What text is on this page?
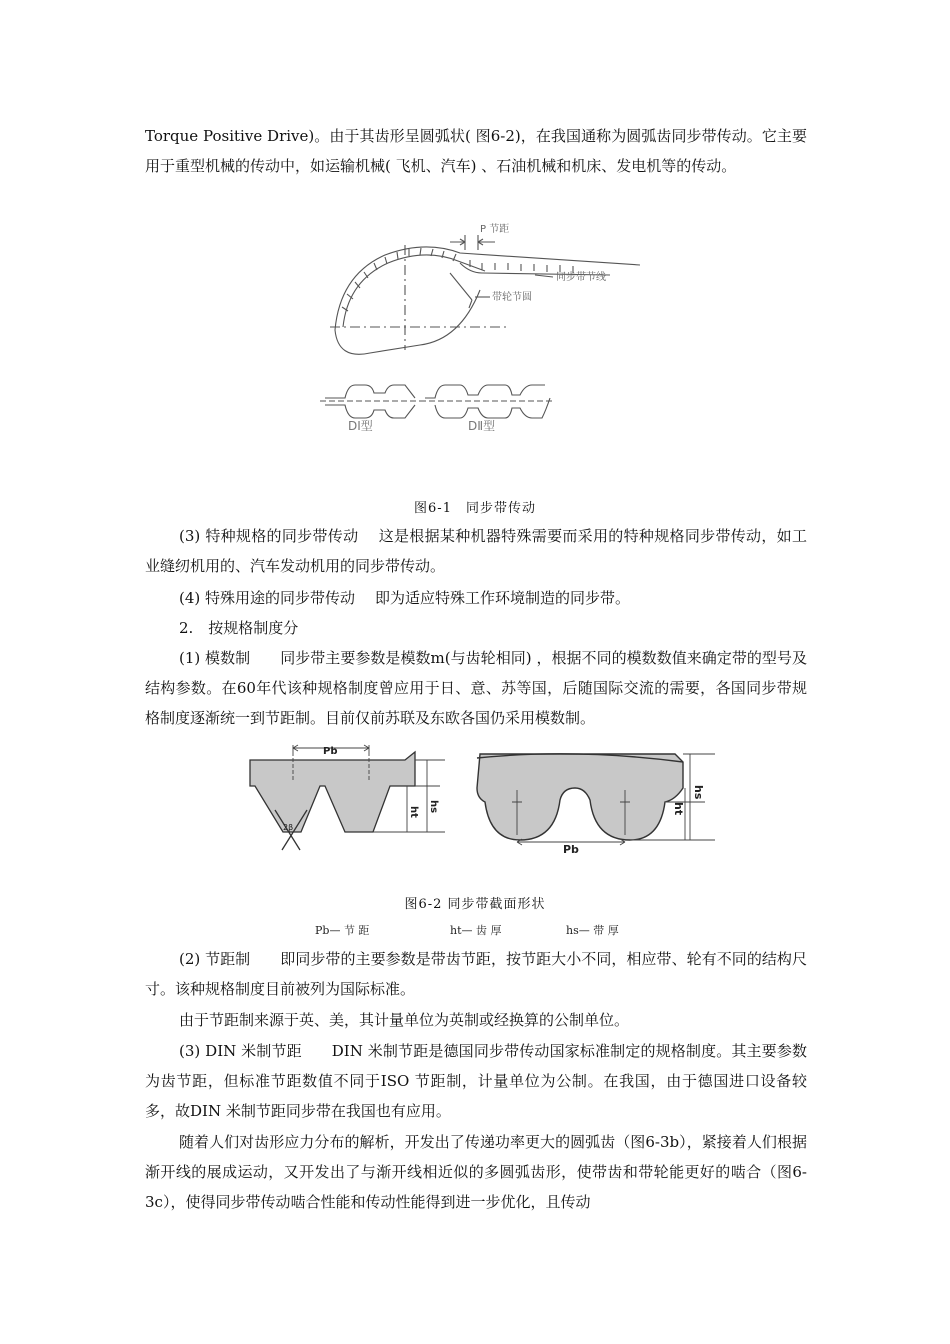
Torque Positive Drive)。由于其齿形呈圆弧状( 图6-2)，在我国通称为圆弧齿同步带传动。它主要用于重型机械的传动中，如运输机械( 飞机、汽车) 、石油机械和机床、发电机等的传动。

P 节距
同步带节线
带轮节圆
DⅠ型	DⅡ型

图6-1　同步带传动

(3) 特种规格的同步带传动 这是根据某种机器特殊需要而采用的特种规格同步带传动，如工业缝纫机用的、汽车发动机用的同步带传动。

(4) 特殊用途的同步带传动 即为适应特殊工作环境制造的同步带。

2.　按规格制度分

(1) 模数制 同步带主要参数是模数m(与齿轮相同) ，根据不同的模数数值来确定带的型号及结构参数。在60年代该种规格制度曾应用于日、意、苏等国，后随国际交流的需要，各国同步带规格制度逐渐统一到节距制。目前仅前苏联及东欧各国仍采用模数制。

Pb
hs
ht
2β
Pb
hs
ht

图6-2 同步带截面形状

Pb— 节 距	ht— 齿 厚	hs— 带 厚

(2) 节距制 即同步带的主要参数是带齿节距，按节距大小不同，相应带、轮有不同的结构尺寸。该种规格制度目前被列为国际标准。

由于节距制来源于英、美，其计量单位为英制或经换算的公制单位。

(3) DIN 米制节距 DIN 米制节距是德国同步带传动国家标准制定的规格制度。其主要参数为齿节距，但标准节距数值不同于ISO 节距制，计量单位为公制。在我国，由于德国进口设备较多，故DIN 米制节距同步带在我国也有应用。

随着人们对齿形应力分布的解析，开发出了传递功率更大的圆弧齿（图6-3b），紧接着人们根据渐开线的展成运动，又开发出了与渐开线相近似的多圆弧齿形，使带齿和带轮能更好的啮合（图6-3c），使得同步带传动啮合性能和传动性能得到进一步优化，且传动
